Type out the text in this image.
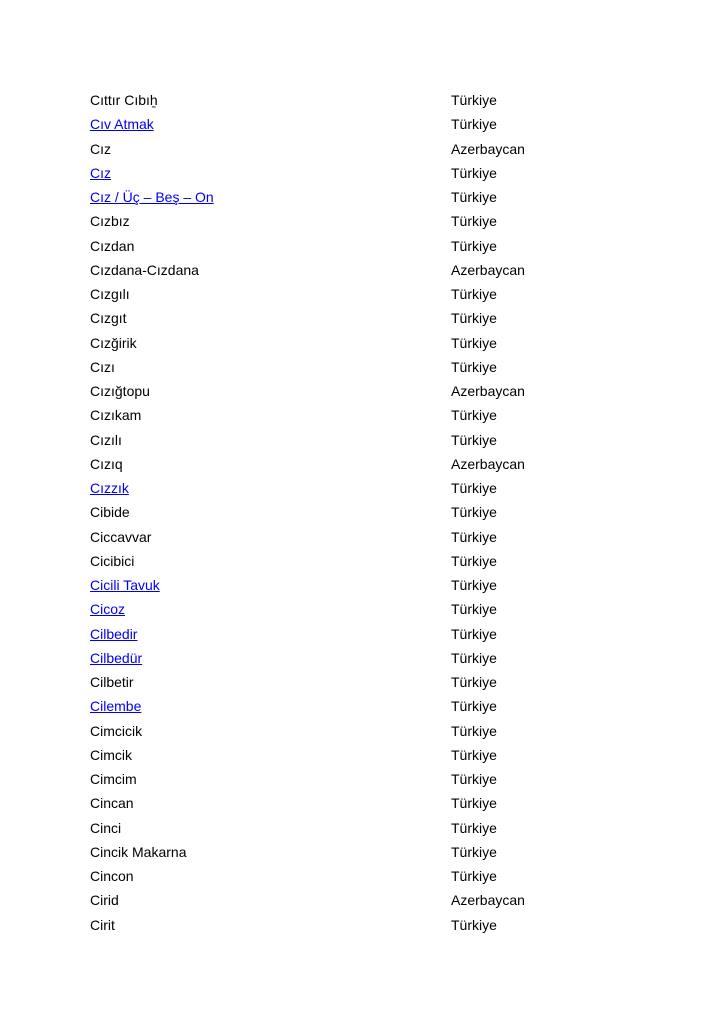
Cıttır Cıbıẖ	Türkiye
Cıv Atmak	Türkiye
Cız	Azerbaycan
Cız	Türkiye
Cız / Üç – Beş – On	Türkiye
Cızbız	Türkiye
Cızdan	Türkiye
Cızdana-Cızdana	Azerbaycan
Cızgılı	Türkiye
Cızgıt	Türkiye
Cızğirik	Türkiye
Cızı	Türkiye
Cızığtopu	Azerbaycan
Cızıkam	Türkiye
Cızılı	Türkiye
Cızıq	Azerbaycan
Cızzık	Türkiye
Cibide	Türkiye
Ciccavvar	Türkiye
Cicibici	Türkiye
Cicili Tavuk	Türkiye
Cicoz	Türkiye
Cilbedir	Türkiye
Cilbedür	Türkiye
Cilbetir	Türkiye
Cilembe	Türkiye
Cimcicik	Türkiye
Cimcik	Türkiye
Cimcim	Türkiye
Cincan	Türkiye
Cinci	Türkiye
Cincik Makarna	Türkiye
Cincon	Türkiye
Cirid	Azerbaycan
Cirit	Türkiye
